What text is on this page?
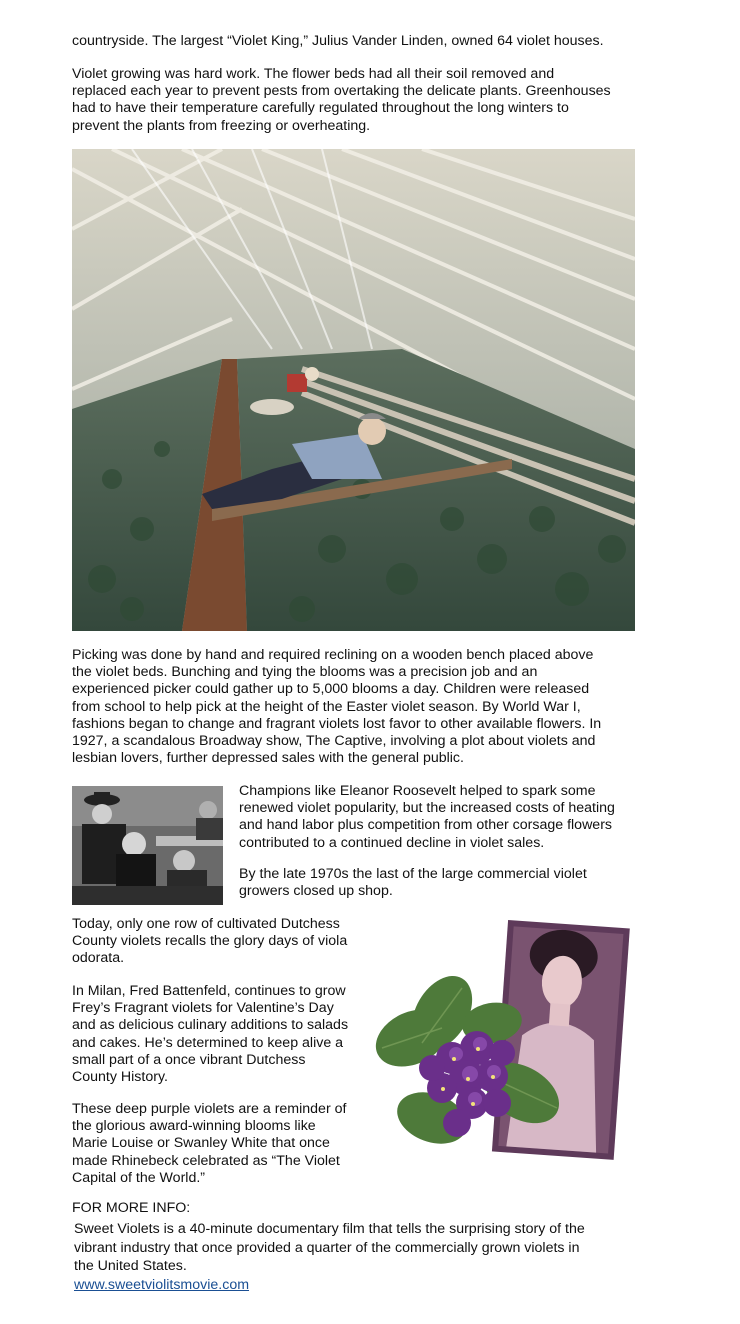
countryside. The largest “Violet King,” Julius Vander Linden, owned 64 violet houses.

Violet growing was hard work. The flower beds had all their soil removed and
replaced each year to prevent pests from overtaking the delicate plants. Greenhouses
had to have their temperature carefully regulated throughout the long winters to
prevent the plants from freezing or overheating.
Picking was done by hand and required reclining on a wooden bench placed above
the violet beds. Bunching and tying the blooms was a precision job and an
experienced picker could gather up to 5,000 blooms a day. Children were released
from school to help pick at the height of the Easter violet season. By World War I,
fashions began to change and fragrant violets lost favor to other available flowers. In
1927, a scandalous Broadway show, The Captive, involving a plot about violets and
lesbian lovers, further depressed sales with the general public.
Champions like Eleanor Roosevelt helped to spark some
renewed violet popularity, but the increased costs of heating
and hand labor plus competition from other corsage flowers
contributed to a continued decline in violet sales.
By the late 1970s the last of the large commercial violet
growers closed up shop.
Today, only one row of cultivated Dutchess
County violets recalls the glory days of viola
odorata.
In Milan, Fred Battenfeld, continues to grow
Frey’s Fragrant violets for Valentine’s Day
and as delicious culinary additions to salads
and cakes. He’s determined to keep alive a
small part of a once vibrant Dutchess
County History.
These deep purple violets are a reminder of
the glorious award-winning blooms like
Marie Louise or Swanley White that once
made Rhinebeck celebrated as “The Violet
Capital of the World.”
FOR MORE INFO:
Sweet Violets is a 40-minute documentary film that tells the surprising story of the
vibrant industry that once provided a quarter of the commercially grown violets in
the United States.
www.sweetviolitsmovie.com
